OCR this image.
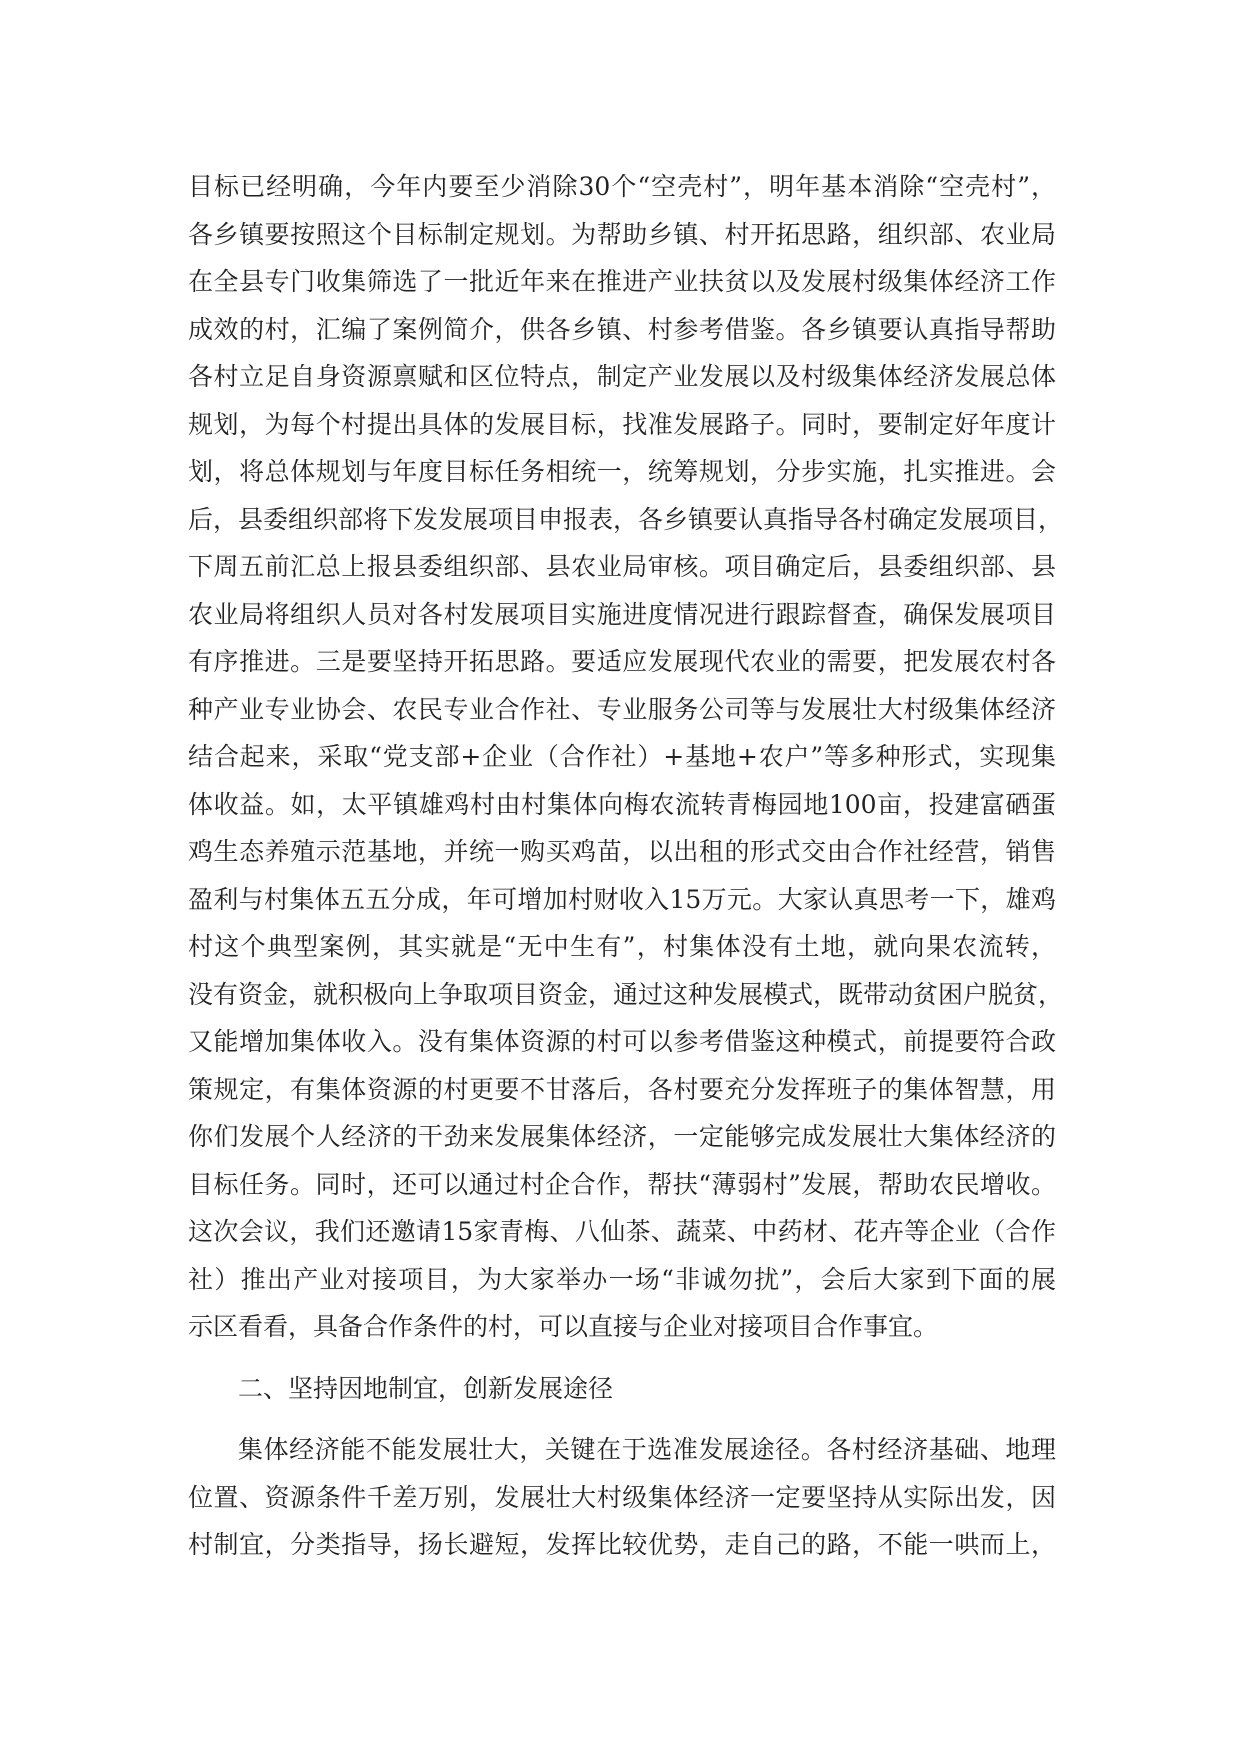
目标已经明确，今年内要至少消除30个“空壳村”，明年基本消除“空壳村”，
各乡镇要按照这个目标制定规划。为帮助乡镇、村开拓思路，组织部、农业局
在全县专门收集筛选了一批近年来在推进产业扶贫以及发展村级集体经济工作
成效的村，汇编了案例简介，供各乡镇、村参考借鉴。各乡镇要认真指导帮助
各村立足自身资源禀赋和区位特点，制定产业发展以及村级集体经济发展总体
规划，为每个村提出具体的发展目标，找准发展路子。同时，要制定好年度计
划，将总体规划与年度目标任务相统一，统筹规划，分步实施，扎实推进。会
后，县委组织部将下发发展项目申报表，各乡镇要认真指导各村确定发展项目，
下周五前汇总上报县委组织部、县农业局审核。项目确定后，县委组织部、县
农业局将组织人员对各村发展项目实施进度情况进行跟踪督查，确保发展项目
有序推进。三是要坚持开拓思路。要适应发展现代农业的需要，把发展农村各
种产业专业协会、农民专业合作社、专业服务公司等与发展壮大村级集体经济
结合起来，采取“党支部+企业（合作社）+基地+农户”等多种形式，实现集
体收益。如，太平镇雄鸡村由村集体向梅农流转青梅园地100亩，投建富硒蛋
鸡生态养殖示范基地，并统一购买鸡苗，以出租的形式交由合作社经营，销售
盈利与村集体五五分成，年可增加村财收入15万元。大家认真思考一下，雄鸡
村这个典型案例，其实就是“无中生有”，村集体没有土地，就向果农流转，
没有资金，就积极向上争取项目资金，通过这种发展模式，既带动贫困户脱贫，
又能增加集体收入。没有集体资源的村可以参考借鉴这种模式，前提要符合政
策规定，有集体资源的村更要不甘落后，各村要充分发挥班子的集体智慧，用
你们发展个人经济的干劲来发展集体经济，一定能够完成发展壮大集体经济的
目标任务。同时，还可以通过村企合作，帮扶“薄弱村”发展，帮助农民增收。
这次会议，我们还邀请15家青梅、八仙茶、蔬菜、中药材、花卉等企业（合作
社）推出产业对接项目，为大家举办一场“非诚勿扰”，会后大家到下面的展
示区看看，具备合作条件的村，可以直接与企业对接项目合作事宜。
二、坚持因地制宜，创新发展途径
集体经济能不能发展壮大，关键在于选准发展途径。各村经济基础、地理
位置、资源条件千差万别，发展壮大村级集体经济一定要坚持从实际出发，因
村制宜，分类指导，扬长避短，发挥比较优势，走自己的路，不能一哄而上，
